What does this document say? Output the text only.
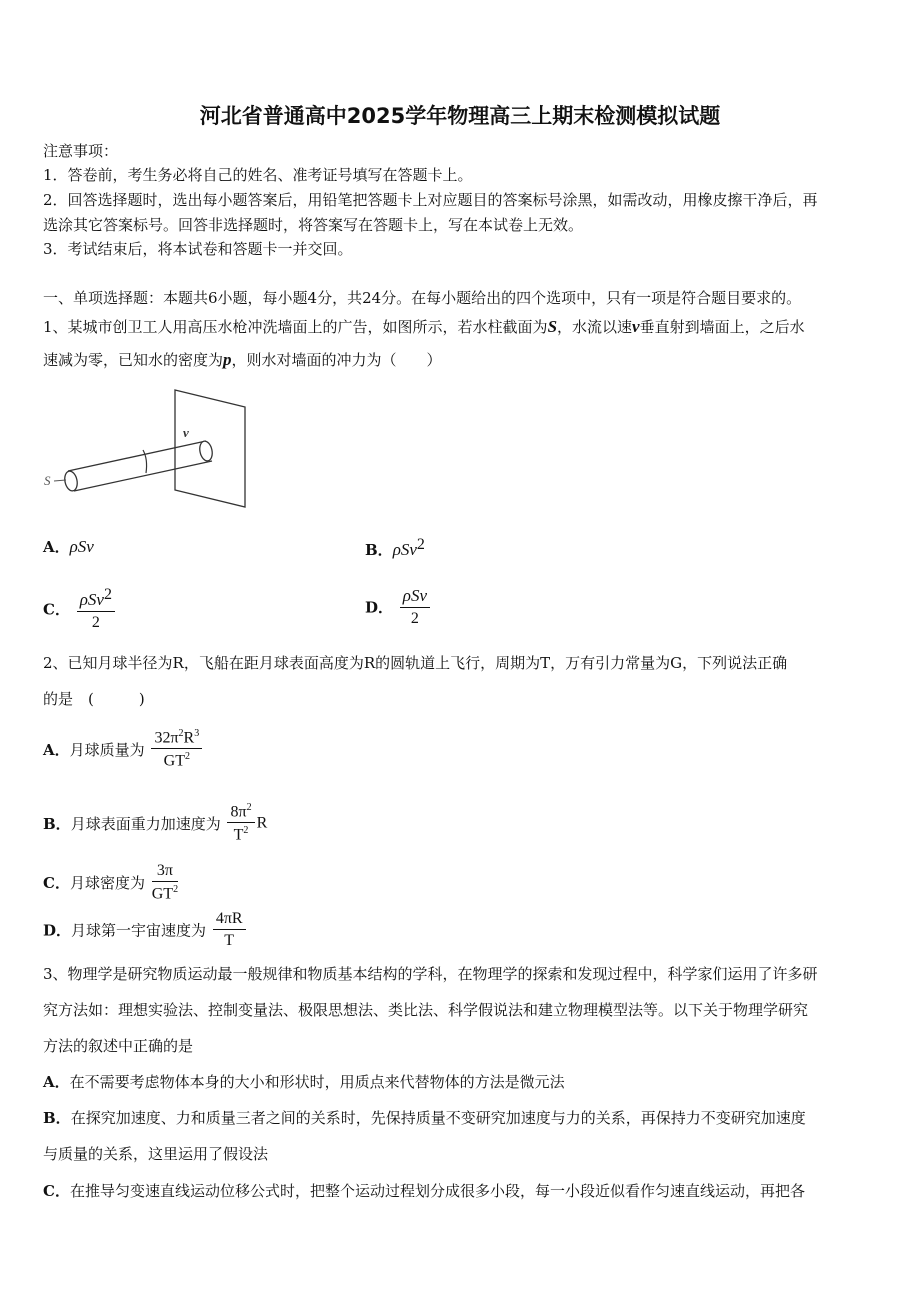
河北省普通高中2025学年物理高三上期末检测模拟试题
注意事项：
1．答卷前，考生务必将自己的姓名、准考证号填写在答题卡上。
2．回答选择题时，选出每小题答案后，用铅笔把答题卡上对应题目的答案标号涂黑，如需改动，用橡皮擦干净后，再
选涂其它答案标号。回答非选择题时，将答案写在答题卡上，写在本试卷上无效。
3．考试结束后，将本试卷和答题卡一并交回。
一、单项选择题：本题共6小题，每小题4分，共24分。在每小题给出的四个选项中，只有一项是符合题目要求的。
1、某城市创卫工人用高压水枪冲洗墙面上的广告，如图所示，若水柱截面为S，水流以速v垂直射到墙面上，之后水
速减为零，已知水的密度为p，则水对墙面的冲力为（　　）
S
v
A．ρSv	B．ρSv$^2$
C． $\frac{\rho Sv^2}{2}$	D． $\frac{\text{ρSv}}{2}$
2、已知月球半径为R，飞船在距月球表面高度为R的圆轨道上飞行，周期为T，万有引力常量为G，下列说法正确
的是　(　　　)
A．月球质量为 $\frac{32\pi^2R^3}{GT^2}$
B．月球表面重力加速度为 $\frac{8\pi^2}{T^2}$ R
C．月球密度为 $\frac{3\pi}{GT^2}$
D．月球第一宇宙速度为 $\frac{4\pi R}{T}$
3、物理学是研究物质运动最一般规律和物质基本结构的学科，在物理学的探索和发现过程中，科学家们运用了许多研
究方法如：理想实验法、控制变量法、极限思想法、类比法、科学假说法和建立物理模型法等。以下关于物理学研究
方法的叙述中正确的是
A．在不需要考虑物体本身的大小和形状时，用质点来代替物体的方法是微元法
B．在探究加速度、力和质量三者之间的关系时，先保持质量不变研究加速度与力的关系，再保持力不变研究加速度
与质量的关系，这里运用了假设法
C．在推导匀变速直线运动位移公式时，把整个运动过程划分成很多小段，每一小段近似看作匀速直线运动，再把各
